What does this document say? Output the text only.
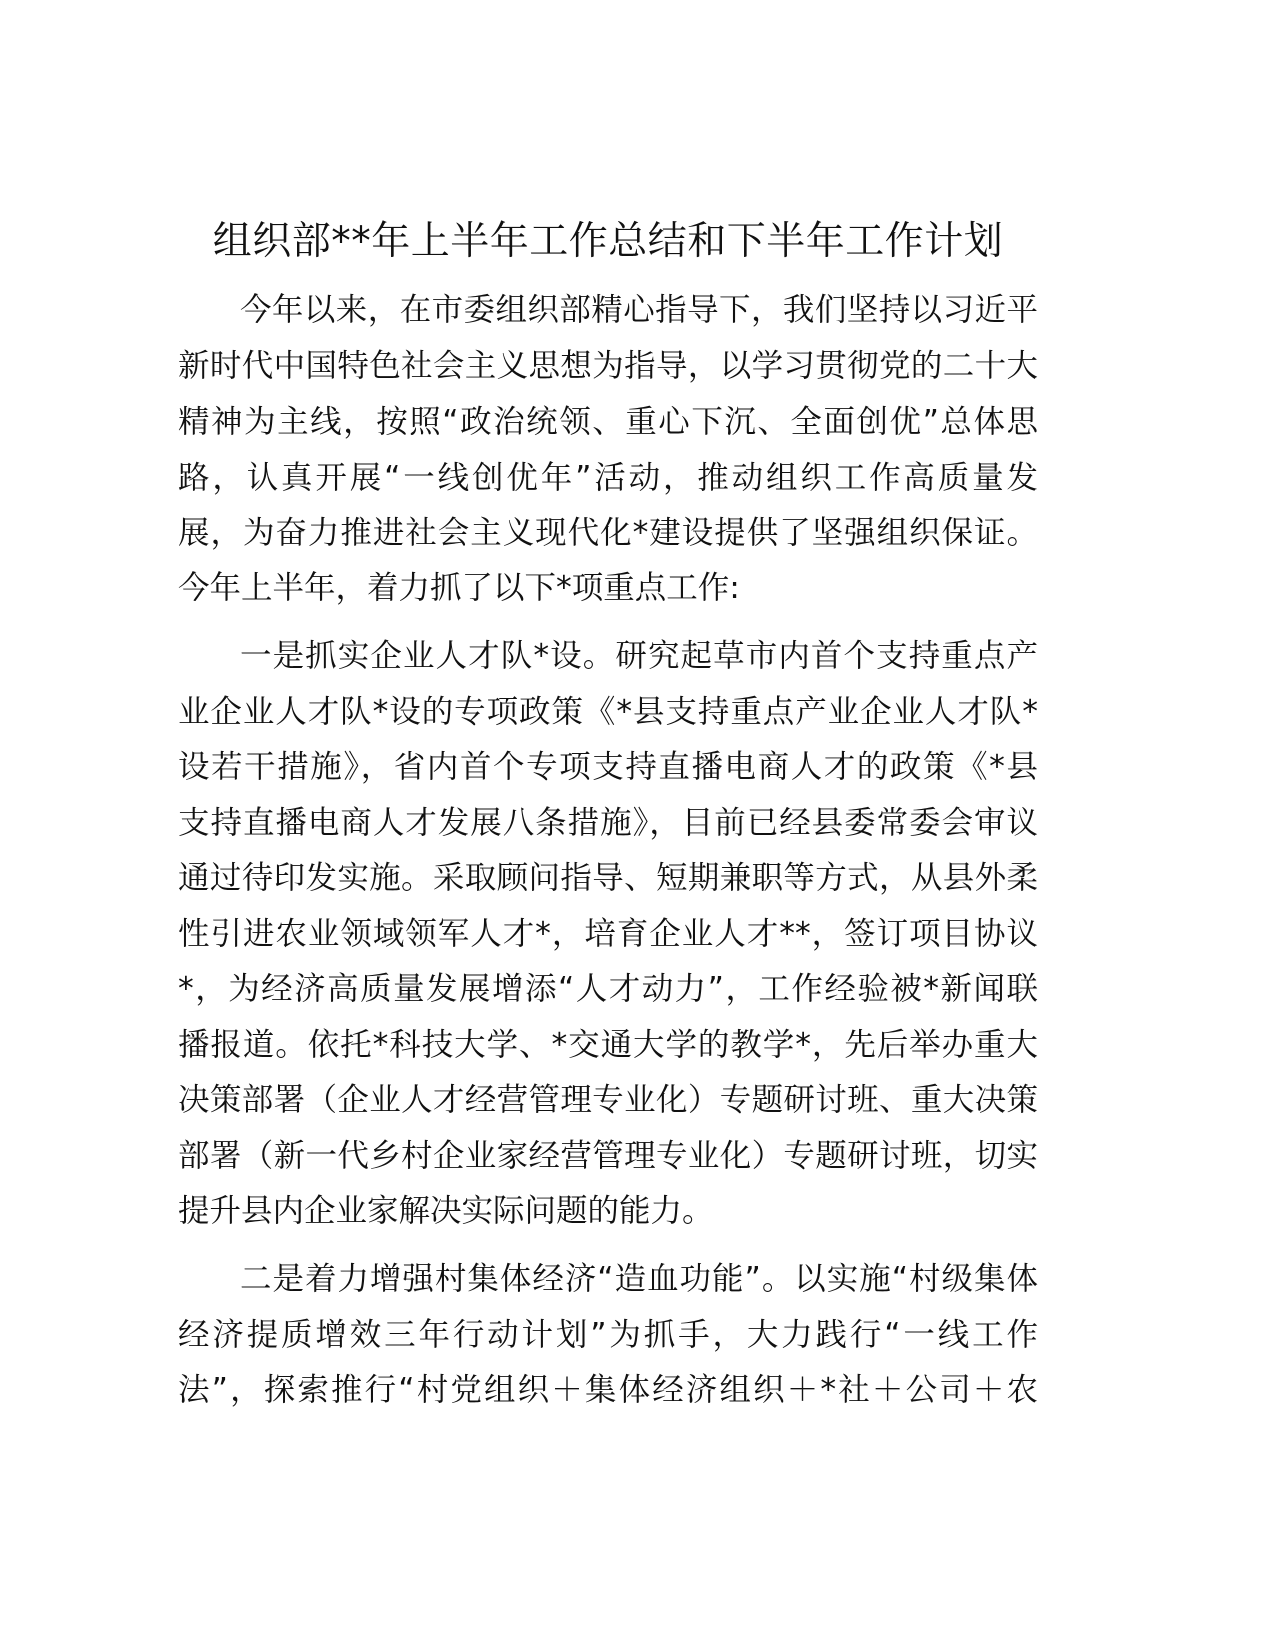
组织部**年上半年工作总结和下半年工作计划
今年以来，在市委组织部精心指导下，我们坚持以习近平
新时代中国特色社会主义思想为指导，以学习贯彻党的二十大
精神为主线，按照“政治统领、重心下沉、全面创优”总体思
路，认真开展“一线创优年”活动，推动组织工作高质量发
展，为奋力推进社会主义现代化*建设提供了坚强组织保证。
今年上半年，着力抓了以下*项重点工作:
一是抓实企业人才队*设。研究起草市内首个支持重点产
业企业人才队*设的专项政策《*县支持重点产业企业人才队*
设若干措施》，省内首个专项支持直播电商人才的政策《*县
支持直播电商人才发展八条措施》，目前已经县委常委会审议
通过待印发实施。采取顾问指导、短期兼职等方式，从县外柔
性引进农业领域领军人才*，培育企业人才**，签订项目协议
*，为经济高质量发展增添“人才动力”，工作经验被*新闻联
播报道。依托*科技大学、*交通大学的教学*，先后举办重大
决策部署（企业人才经营管理专业化）专题研讨班、重大决策
部署（新一代乡村企业家经营管理专业化）专题研讨班，切实
提升县内企业家解决实际问题的能力。
二是着力增强村集体经济“造血功能”。以实施“村级集体
经济提质增效三年行动计划”为抓手，大力践行“一线工作
法”，探索推行“村党组织＋集体经济组织＋*社＋公司＋农
